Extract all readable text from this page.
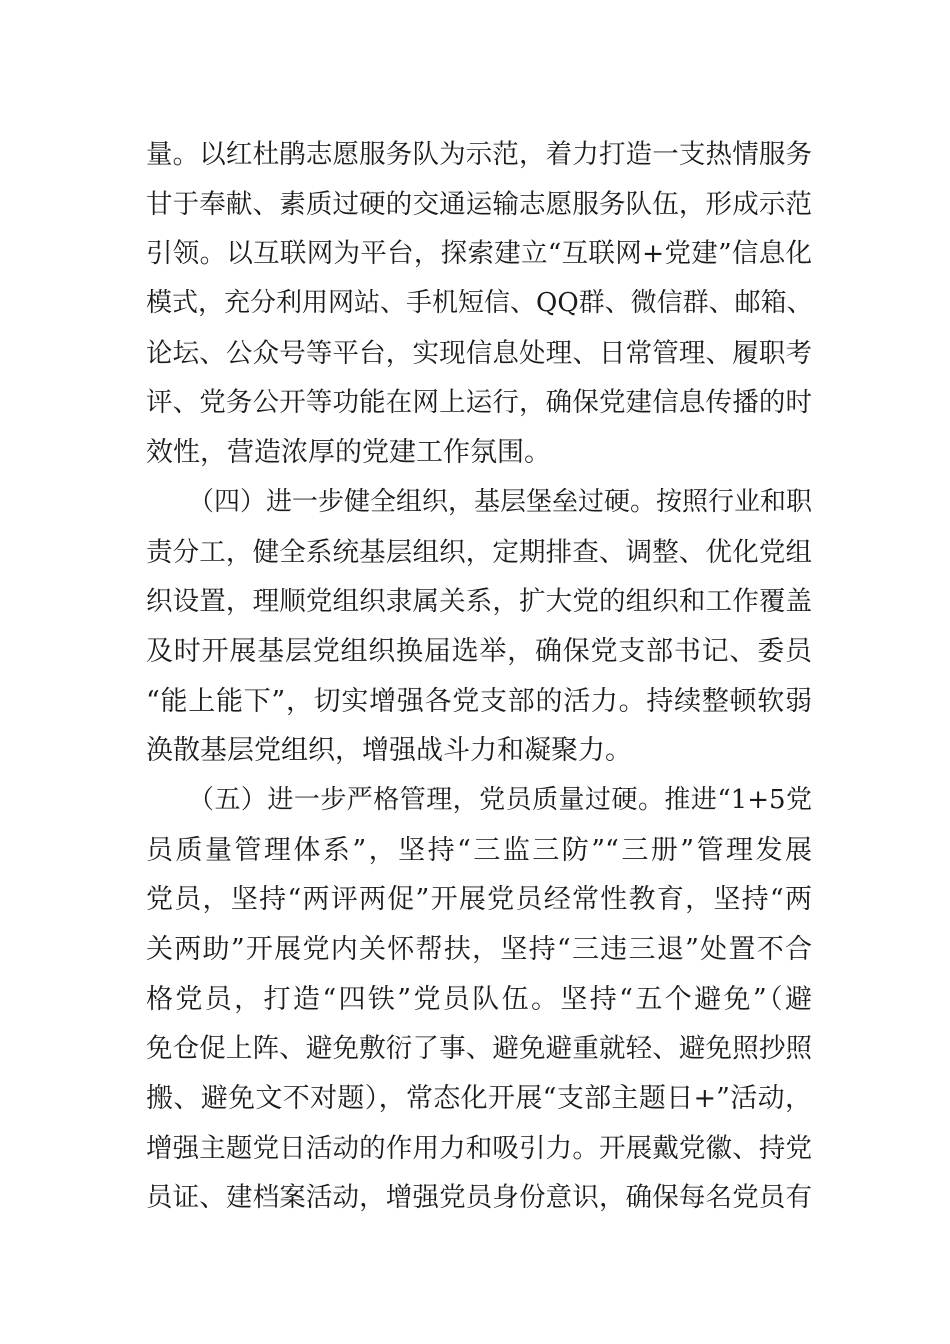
量。以红杜鹃志愿服务队为示范，着力打造一支热情服务
甘于奉献、素质过硬的交通运输志愿服务队伍，形成示范
引领。以互联网为平台，探索建立“互联网+党建”信息化
模式，充分利用网站、手机短信、QQ群、微信群、邮箱、
论坛、公众号等平台，实现信息处理、日常管理、履职考
评、党务公开等功能在网上运行，确保党建信息传播的时
效性，营造浓厚的党建工作氛围。
（四）进一步健全组织，基层堡垒过硬。按照行业和职
责分工，健全系统基层组织，定期排查、调整、优化党组
织设置，理顺党组织隶属关系，扩大党的组织和工作覆盖
及时开展基层党组织换届选举，确保党支部书记、委员
“能上能下”，切实增强各党支部的活力。持续整顿软弱
涣散基层党组织，增强战斗力和凝聚力。
（五）进一步严格管理，党员质量过硬。推进“1+5党
员质量管理体系”，坚持“三监三防”“三册”管理发展
党员，坚持“两评两促”开展党员经常性教育，坚持“两
关两助”开展党内关怀帮扶，坚持“三违三退”处置不合
格党员，打造“四铁”党员队伍。坚持“五个避免”（避
免仓促上阵、避免敷衍了事、避免避重就轻、避免照抄照
搬、避免文不对题），常态化开展“支部主题日+”活动，
增强主题党日活动的作用力和吸引力。开展戴党徽、持党
员证、建档案活动，增强党员身份意识，确保每名党员有
